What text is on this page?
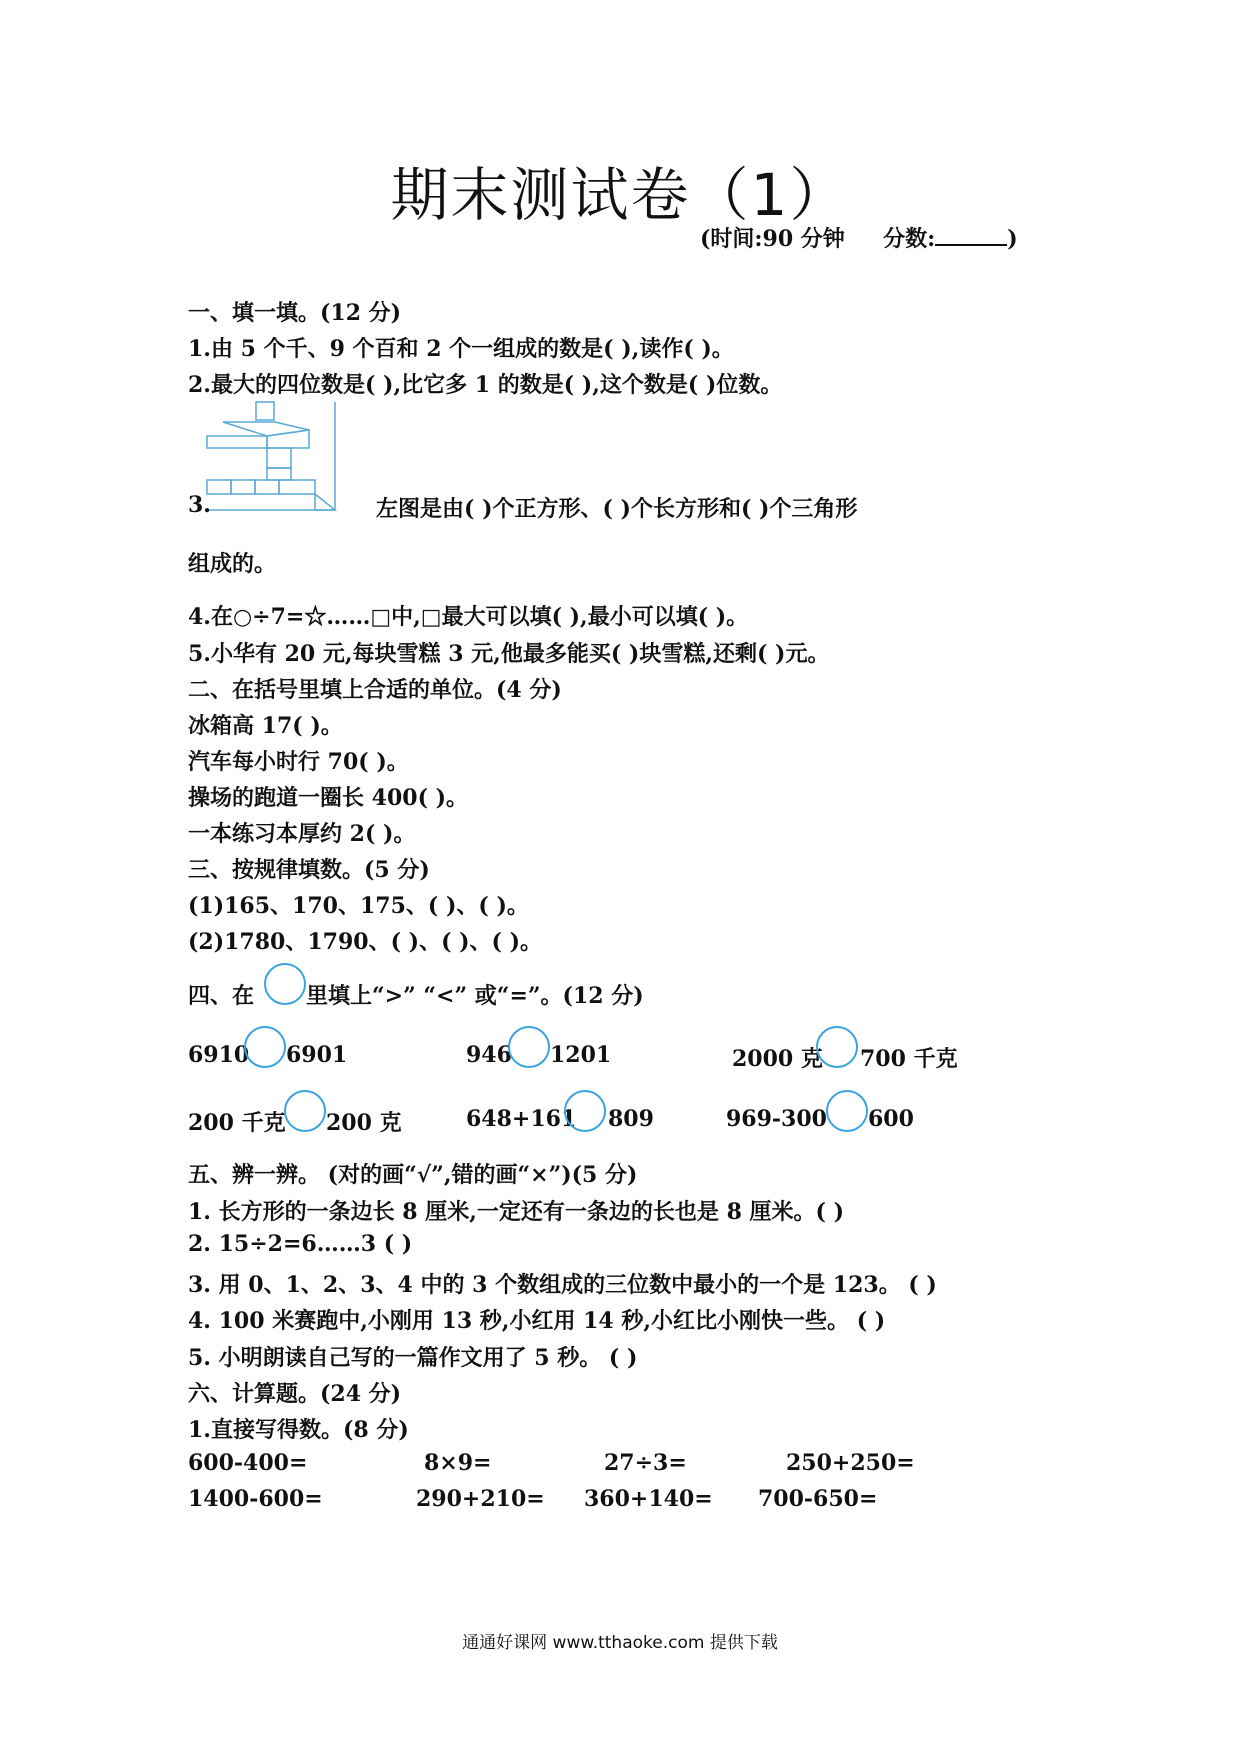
期末测试卷（1）
(时间:90 分钟 分数:	)
一、填一填。(12 分)
1.由 5 个千、9 个百和 2 个一组成的数是( ),读作( )。
2.最大的四位数是( ),比它多 1 的数是( ),这个数是( )位数。
3.	左图是由( )个正方形、( )个长方形和( )个三角形
组成的。
4.在○÷7=☆……□中,□最大可以填( ),最小可以填( )。
5.小华有 20 元,每块雪糕 3 元,他最多能买( )块雪糕,还剩( )元。
二、在括号里填上合适的单位。(4 分)
冰箱高 17( )。
汽车每小时行 70( )。
操场的跑道一圈长 400( )。
一本练习本厚约 2( )。
三、按规律填数。(5 分)
(1)165、170、175、( )、( )。
(2)1780、1790、( )、( )、( )。
四、在 里填上“>” “<” 或“=”。(12 分)
6910 6901	946 1201	2000 克 700 千克
200 千克 200 克	648+161 809	969-300 600
五、辨一辨。 (对的画“√”,错的画“×”)(5 分)
1. 长方形的一条边长 8 厘米,一定还有一条边的长也是 8 厘米。( )
2. 15÷2=6……3 ( )
3. 用 0、1、2、3、4 中的 3 个数组成的三位数中最小的一个是 123。 ( )
4. 100 米赛跑中,小刚用 13 秒,小红用 14 秒,小红比小刚快一些。 ( )
5. 小明朗读自己写的一篇作文用了 5 秒。 ( )
六、计算题。(24 分)
1.直接写得数。(8 分)
600-400=	8×9=	27÷3=	250+250=
1400-600=	290+210= 360+140= 700-650=
通通好课网 www.tthaoke.com 提供下载
